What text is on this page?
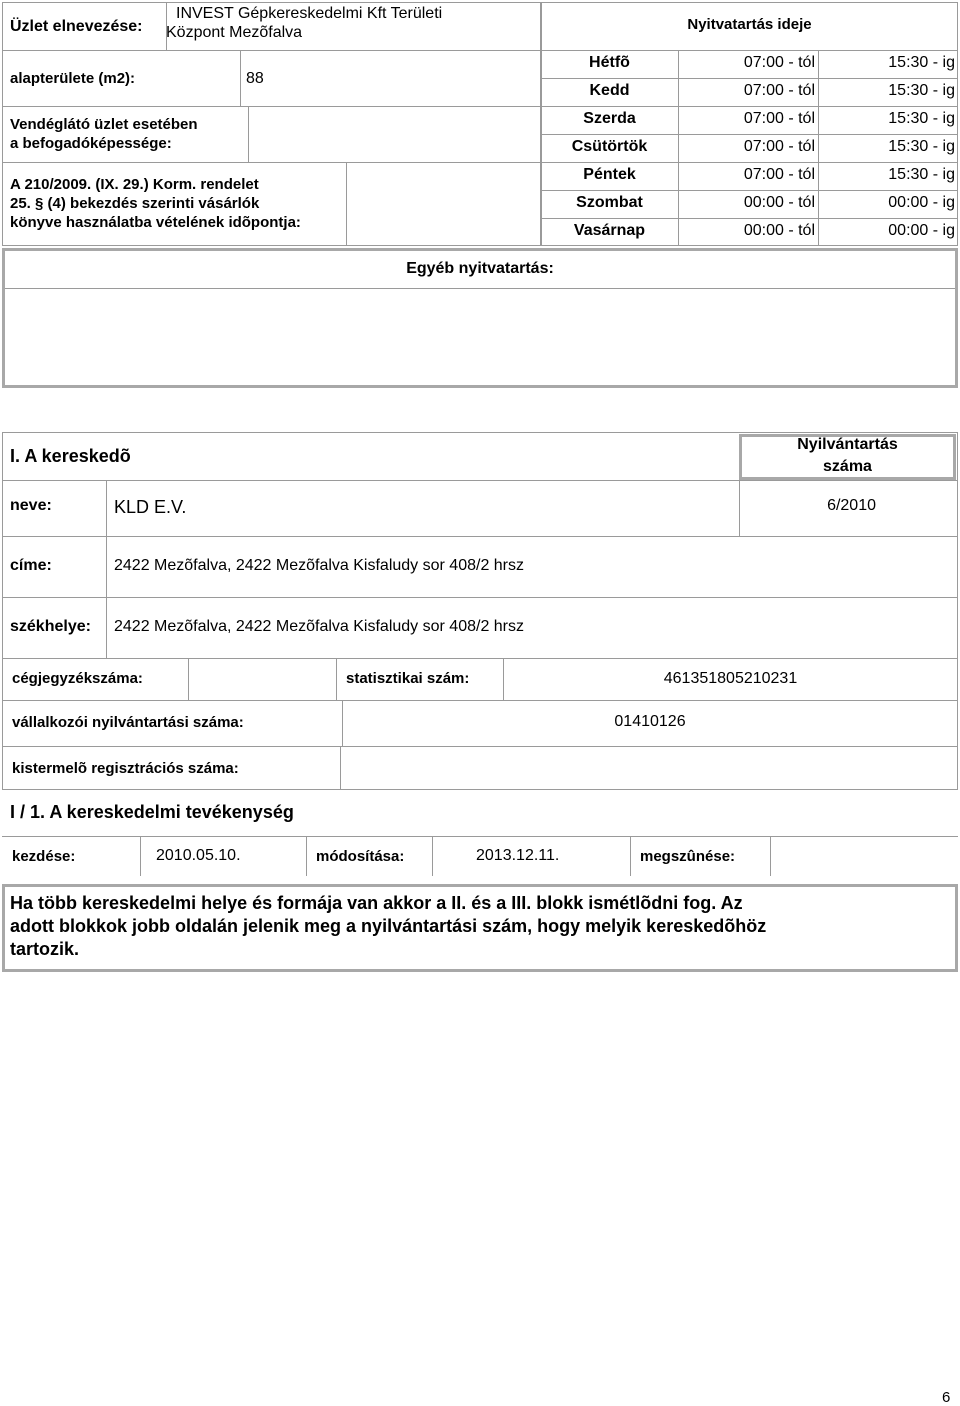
Üzlet elnevezése:
INVEST Gépkereskedelmi Kft Területi
Központ Mezõfalva
alapterülete (m2):	88
Vendéglátó üzlet esetében
a befogadóképessége:
A 210/2009. (IX. 29.) Korm. rendelet
25. § (4) bekezdés szerinti vásárlók
könyve használatba vételének idõpontja:
Nyitvatartás ideje
Hétfõ	07:00 - tól	15:30 - ig
Kedd	07:00 - tól	15:30 - ig
Szerda	07:00 - tól	15:30 - ig
Csütörtök	07:00 - tól	15:30 - ig
Péntek	07:00 - tól	15:30 - ig
Szombat	00:00 - tól	00:00 - ig
Vasárnap	00:00 - tól	00:00 - ig
Egyéb nyitvatartás:
I. A kereskedõ
Nyilvántartás
száma
neve:	KLD E.V.	6/2010
címe:	2422 Mezõfalva, 2422 Mezõfalva Kisfaludy sor 408/2 hrsz
székhelye: 2422 Mezõfalva, 2422 Mezõfalva Kisfaludy sor 408/2 hrsz
cégjegyzékszáma:	statisztikai szám:	461351805210231
vállalkozói nyilvántartási száma:	01410126
kistermelõ regisztrációs száma:
I / 1. A kereskedelmi tevékenység
kezdése:	2010.05.10.	módosítása:	2013.12.11.	megszûnése:
Ha több kereskedelmi helye és formája van akkor a II. és a III. blokk ismétlõdni fog. Az
adott blokkok jobb oldalán jelenik meg a nyilvántartási szám, hogy melyik kereskedõhöz
tartozik.
6
